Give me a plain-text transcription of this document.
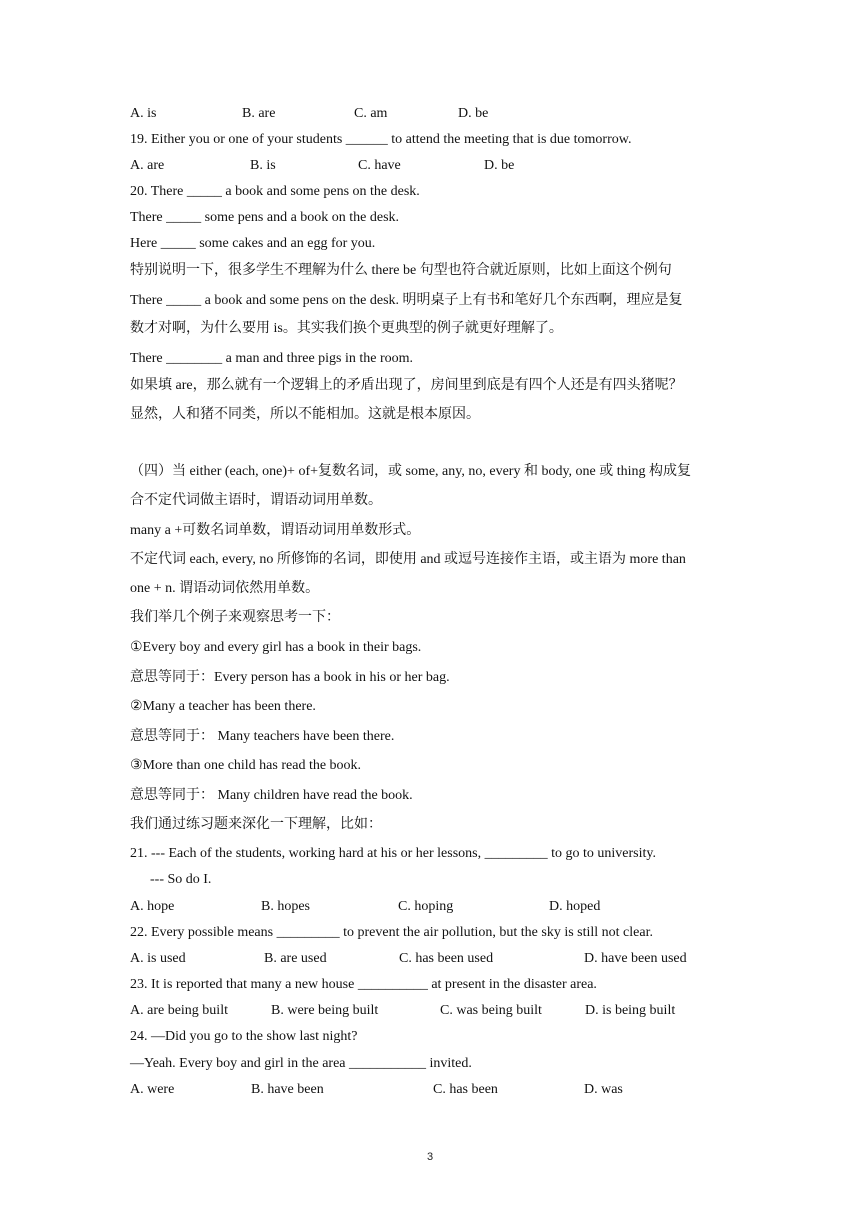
A. is	B. are	C. am	D. be
19. Either you or one of your students ______ to attend the meeting that is due tomorrow.
A. are	B. is	C. have	D. be
20. There _____ a book and some pens on the desk.
There _____ some pens and a book on the desk.
Here _____ some cakes and an egg for you.
特别说明一下，很多学生不理解为什么 there be 句型也符合就近原则，比如上面这个例句
There _____ a book and some pens on the desk. 明明桌子上有书和笔好几个东西啊，理应是复
数才对啊，为什么要用 is。其实我们换个更典型的例子就更好理解了。
There ________ a man and three pigs in the room.
如果填 are，那么就有一个逻辑上的矛盾出现了，房间里到底是有四个人还是有四头猪呢？
显然，人和猪不同类，所以不能相加。这就是根本原因。
（四）当 either (each, one)+ of+复数名词，或 some, any, no, every 和 body, one 或 thing 构成复
合不定代词做主语时，谓语动词用单数。
many a +可数名词单数，谓语动词用单数形式。
不定代词 each, every, no 所修饰的名词，即使用 and 或逗号连接作主语，或主语为 more than
one + n. 谓语动词依然用单数。
我们举几个例子来观察思考一下：
①Every boy and every girl has a book in their bags.
意思等同于：Every person has a book in his or her bag.
②Many a teacher has been there.
意思等同于： Many teachers have been there.
③More than one child has read the book.
意思等同于： Many children have read the book.
我们通过练习题来深化一下理解，比如：
21. --- Each of the students, working hard at his or her lessons, _________ to go to university.
--- So do I.
A. hope	B. hopes	C. hoping	D. hoped
22. Every possible means _________ to prevent the air pollution, but the sky is still not clear.
A. is used	B. are used	C. has been used	D. have been used
23. It is reported that many a new house __________ at present in the disaster area.
A. are being built	B. were being built	C. was being built	D. is being built
24. —Did you go to the show last night?
—Yeah. Every boy and girl in the area ___________ invited.
A. were	B. have been	C. has been	D. was
3
